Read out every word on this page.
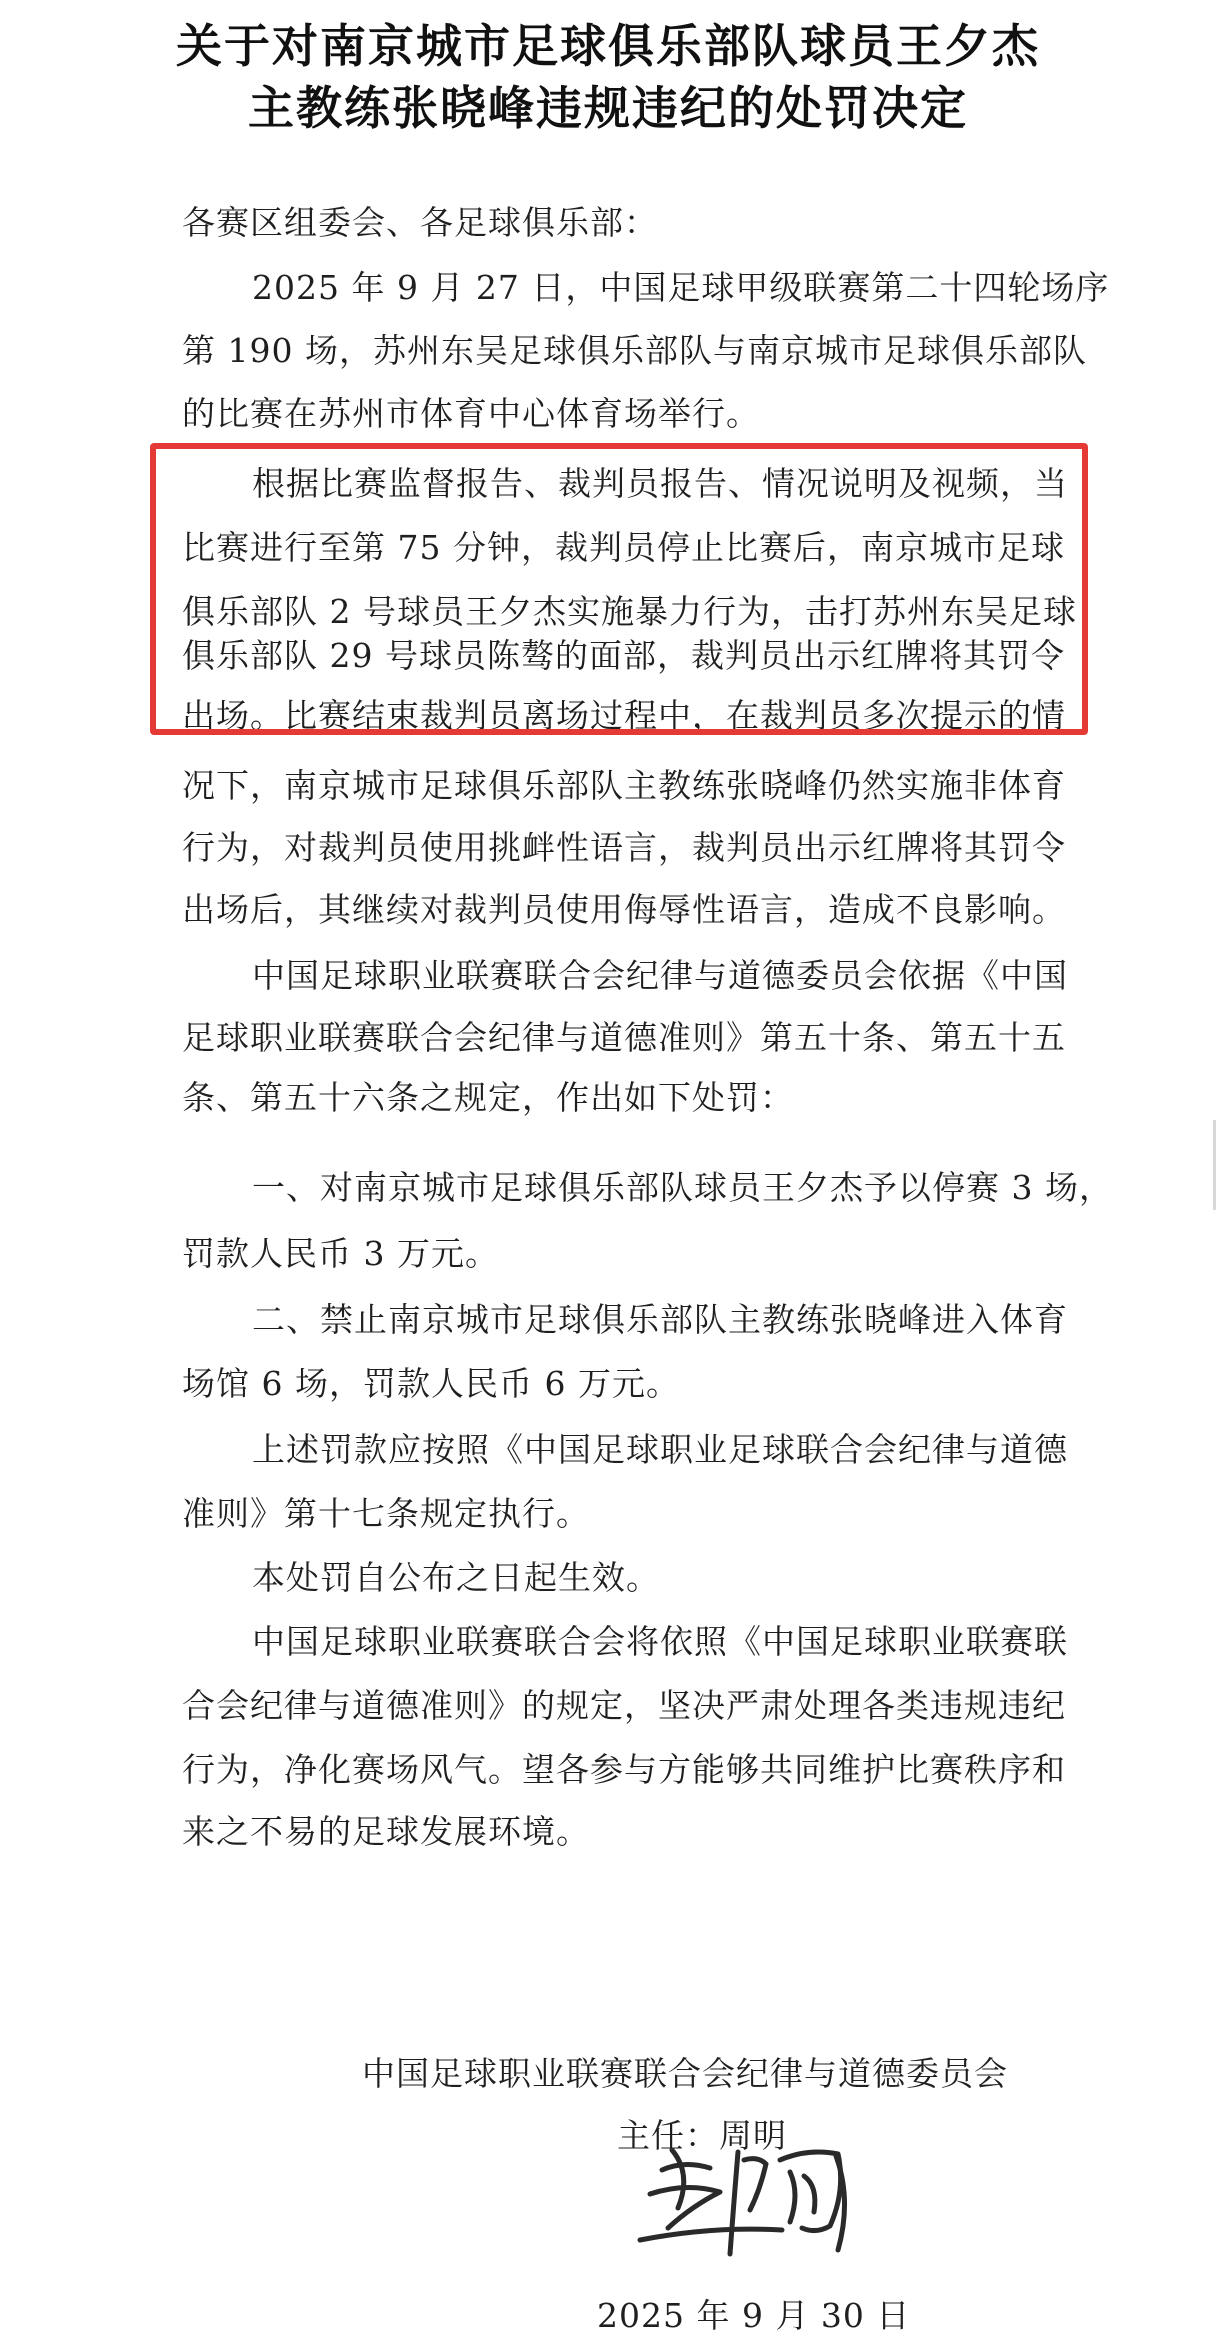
关于对南京城市足球俱乐部队球员王夕杰
主教练张晓峰违规违纪的处罚决定
各赛区组委会、各足球俱乐部：
2025 年 9 月 27 日，中国足球甲级联赛第二十四轮场序
第 190 场，苏州东吴足球俱乐部队与南京城市足球俱乐部队
的比赛在苏州市体育中心体育场举行。
根据比赛监督报告、裁判员报告、情况说明及视频，当
比赛进行至第 75 分钟，裁判员停止比赛后，南京城市足球
俱乐部队 2 号球员王夕杰实施暴力行为，击打苏州东吴足球
俱乐部队 29 号球员陈骜的面部，裁判员出示红牌将其罚令
出场。比赛结束裁判员离场过程中，在裁判员多次提示的情
况下，南京城市足球俱乐部队主教练张晓峰仍然实施非体育
行为，对裁判员使用挑衅性语言，裁判员出示红牌将其罚令
出场后，其继续对裁判员使用侮辱性语言，造成不良影响。
中国足球职业联赛联合会纪律与道德委员会依据《中国
足球职业联赛联合会纪律与道德准则》第五十条、第五十五
条、第五十六条之规定，作出如下处罚：
一、对南京城市足球俱乐部队球员王夕杰予以停赛 3 场，
罚款人民币 3 万元。
二、禁止南京城市足球俱乐部队主教练张晓峰进入体育
场馆 6 场，罚款人民币 6 万元。
上述罚款应按照《中国足球职业足球联合会纪律与道德
准则》第十七条规定执行。
本处罚自公布之日起生效。
中国足球职业联赛联合会将依照《中国足球职业联赛联
合会纪律与道德准则》的规定，坚决严肃处理各类违规违纪
行为，净化赛场风气。望各参与方能够共同维护比赛秩序和
来之不易的足球发展环境。
中国足球职业联赛联合会纪律与道德委员会
主任：周明
2025 年 9 月 30 日
